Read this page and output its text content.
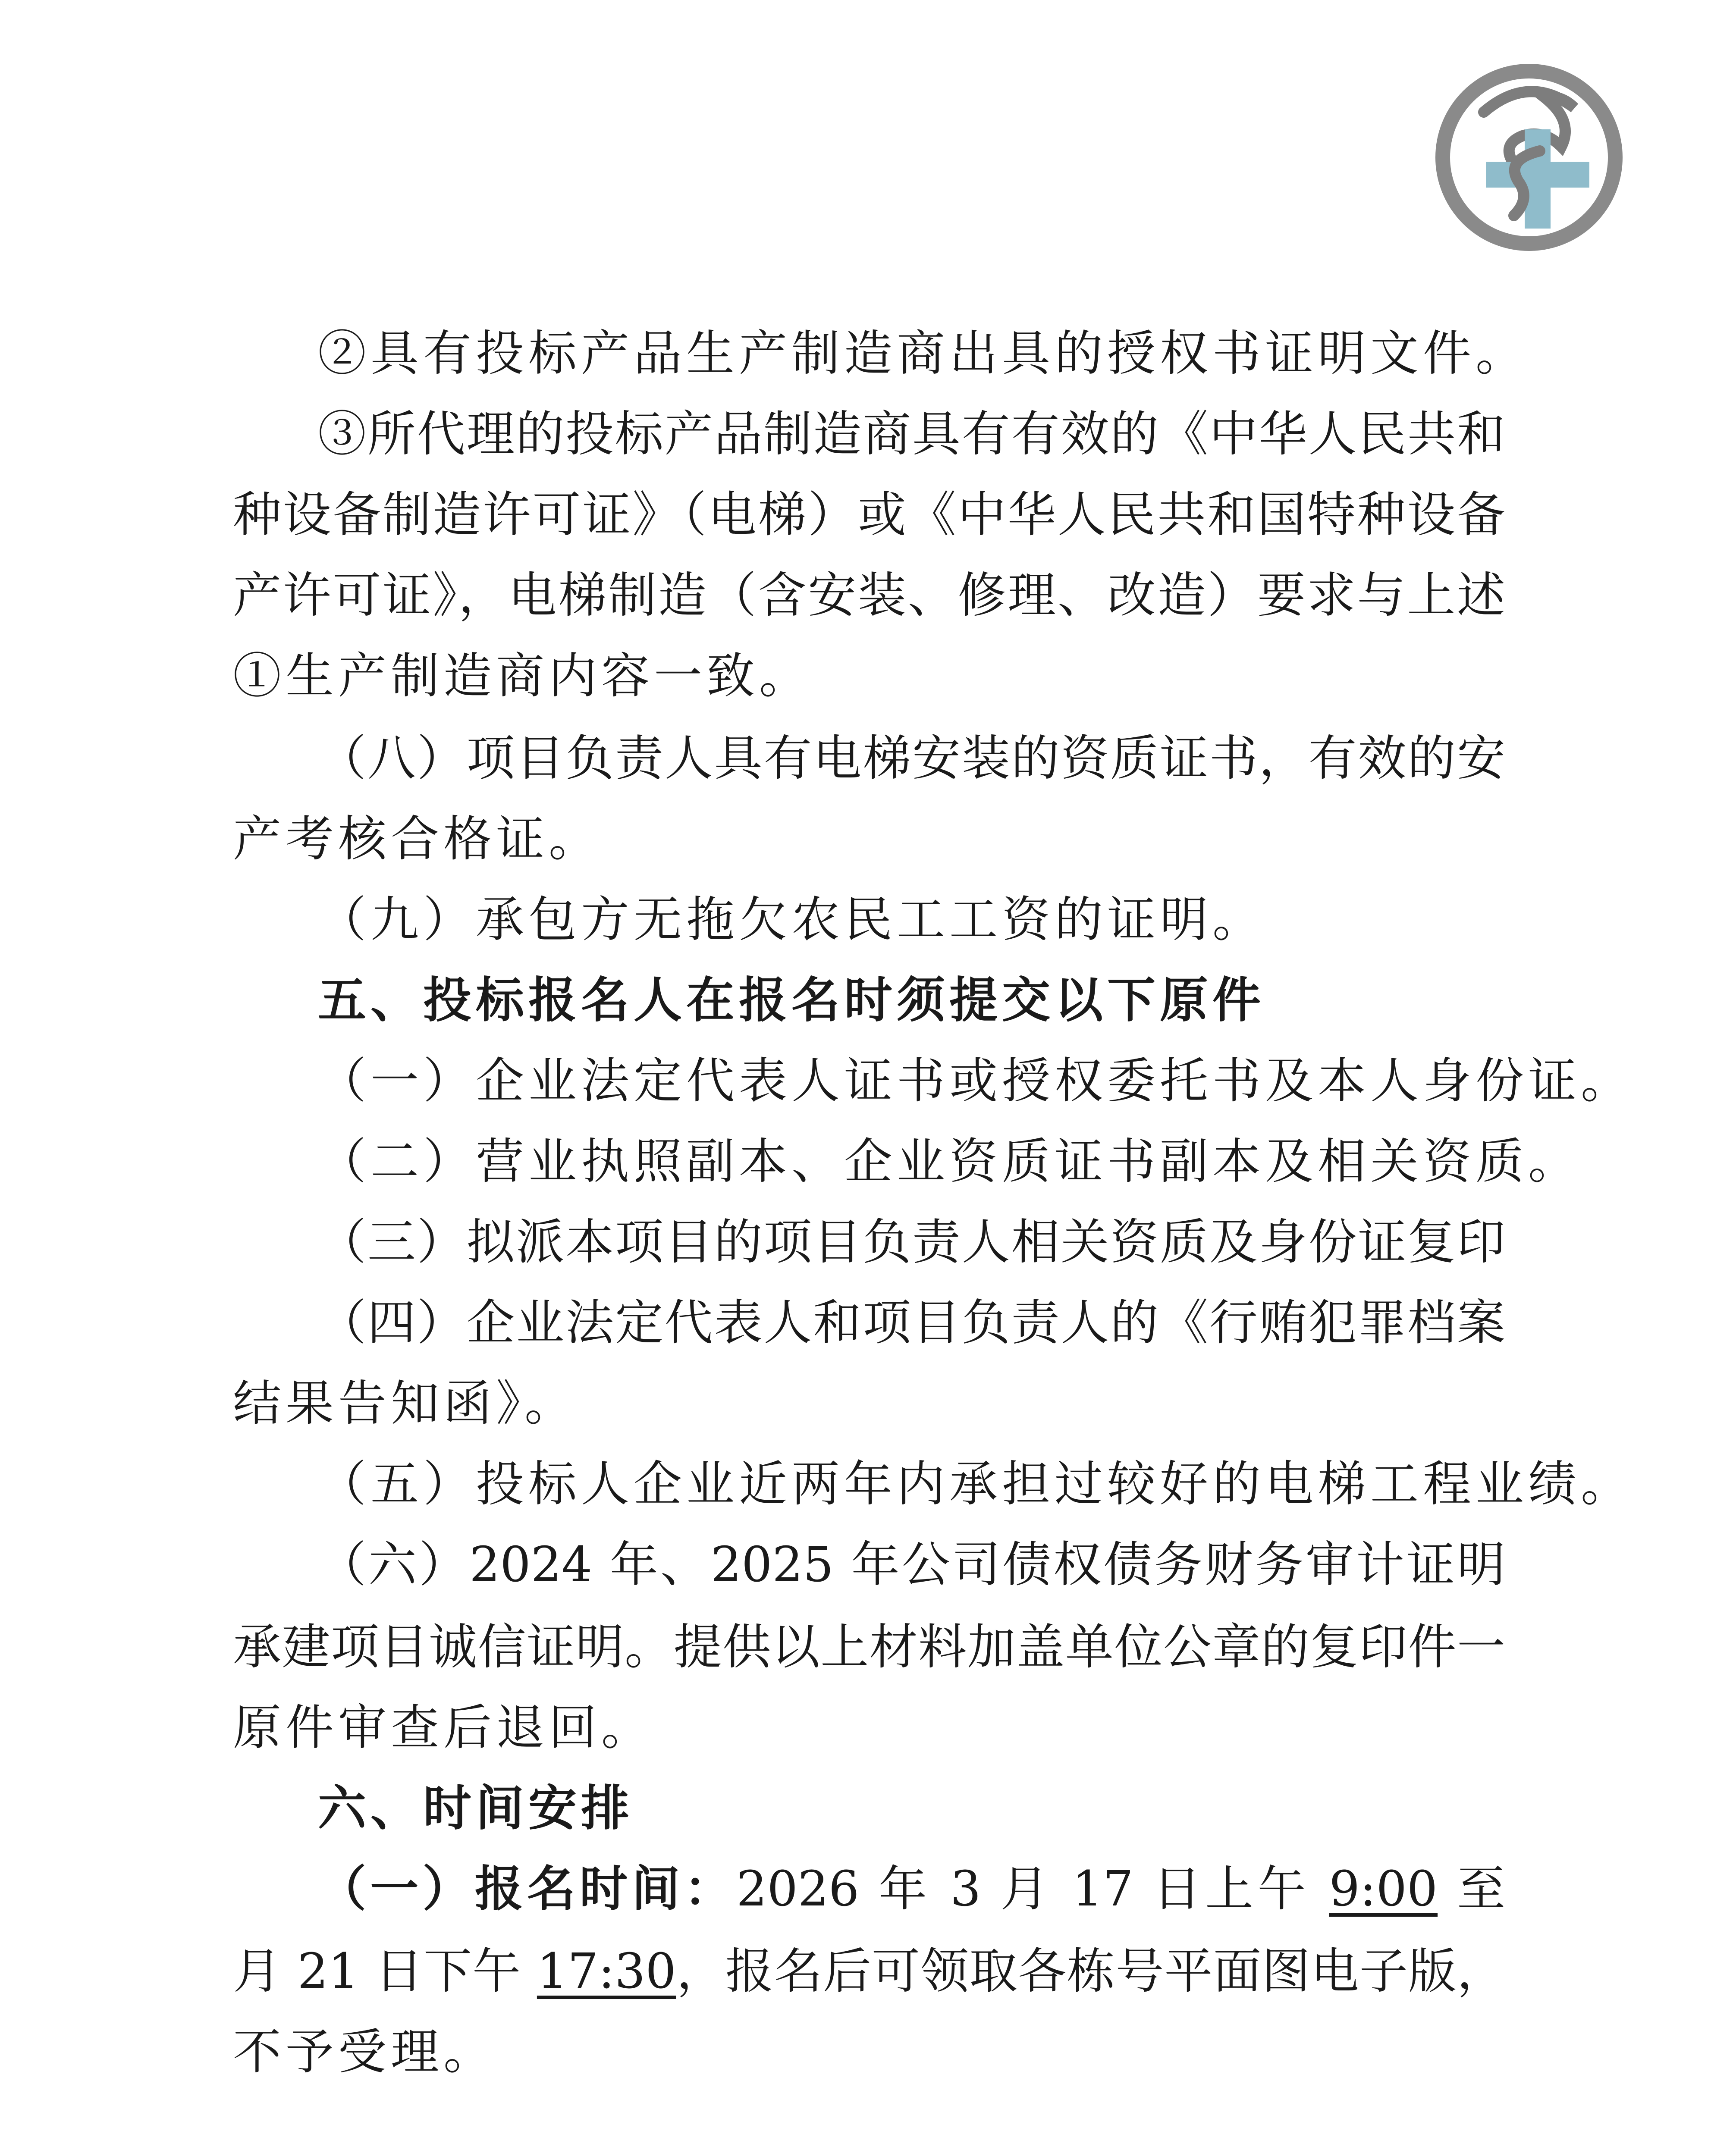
②具有投标产品生产制造商出具的授权书证明文件。
③所代理的投标产品制造商具有有效的《中华人民共和
种设备制造许可证》（电梯）或《中华人民共和国特种设备
产许可证》，电梯制造（含安装、修理、改造）要求与上述
①生产制造商内容一致。
（八）项目负责人具有电梯安装的资质证书，有效的安
产考核合格证。
（九）承包方无拖欠农民工工资的证明。
五、投标报名人在报名时须提交以下原件
（一）企业法定代表人证书或授权委托书及本人身份证。
（二）营业执照副本、企业资质证书副本及相关资质。
（三）拟派本项目的项目负责人相关资质及身份证复印
（四）企业法定代表人和项目负责人的《行贿犯罪档案
结果告知函》。
（五）投标人企业近两年内承担过较好的电梯工程业绩。
（六）2024 年、2025 年公司债权债务财务审计证明
承建项目诚信证明。提供以上材料加盖单位公章的复印件一
原件审查后退回。
六、时间安排
（一）报名时间：2026 年 3 月 17 日上午 9:00 至
月 21 日下午 17:30，报名后可领取各栋号平面图电子版，
不予受理。
